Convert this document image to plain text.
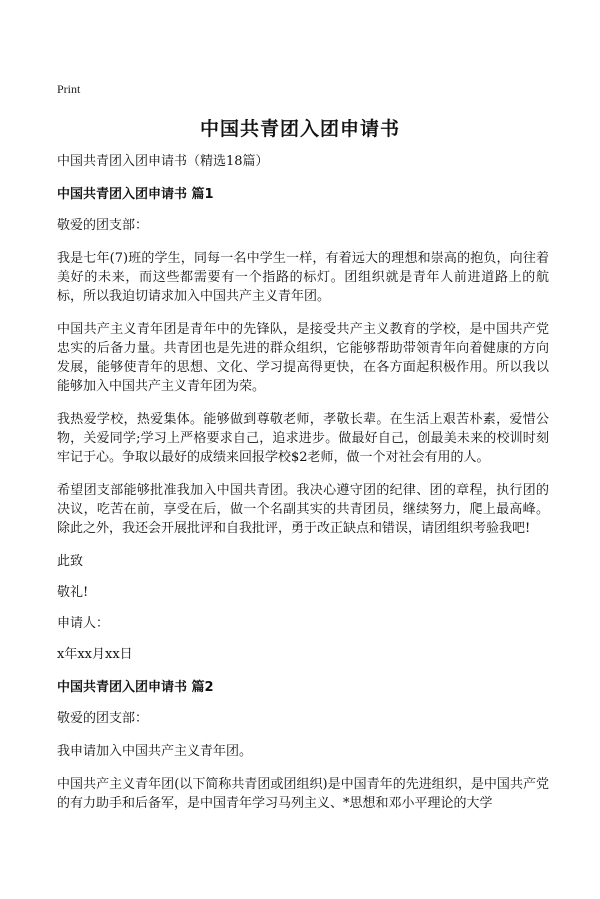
Print
中国共青团入团申请书
中国共青团入团申请书（精选18篇）
中国共青团入团申请书 篇1
敬爱的团支部：
我是七年(7)班的学生，同每一名中学生一样，有着远大的理想和崇高的抱负，向往着美好的未来，而这些都需要有一个指路的标灯。团组织就是青年人前进道路上的航标，所以我迫切请求加入中国共产主义青年团。
中国共产主义青年团是青年中的先锋队，是接受共产主义教育的学校，是中国共产党忠实的后备力量。共青团也是先进的群众组织，它能够帮助带领青年向着健康的方向发展，能够使青年的思想、文化、学习提高得更快，在各方面起积极作用。所以我以能够加入中国共产主义青年团为荣。
我热爱学校，热爱集体。能够做到尊敬老师，孝敬长辈。在生活上艰苦朴素，爱惜公物，关爱同学;学习上严格要求自己，追求进步。做最好自己，创最美未来的校训时刻牢记于心。争取以最好的成绩来回报学校$2老师，做一个对社会有用的人。
希望团支部能够批准我加入中国共青团。我决心遵守团的纪律、团的章程，执行团的决议，吃苦在前，享受在后，做一个名副其实的共青团员，继续努力，爬上最高峰。除此之外，我还会开展批评和自我批评，勇于改正缺点和错误，请团组织考验我吧!
此致
敬礼!
申请人：
x年xx月xx日
中国共青团入团申请书 篇2
敬爱的团支部：
我申请加入中国共产主义青年团。
中国共产主义青年团(以下简称共青团或团组织)是中国青年的先进组织，是中国共产党的有力助手和后备军，是中国青年学习马列主义、*思想和邓小平理论的大学
